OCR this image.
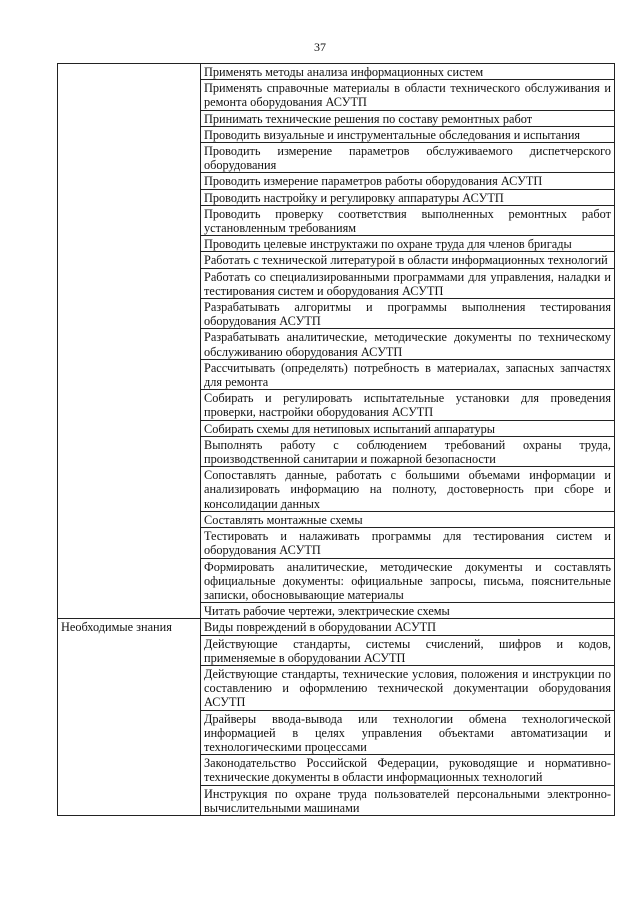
37
	Применять методы анализа информационных систем
	Применять справочные материалы в области технического обслуживания и ремонта оборудования АСУТП
	Принимать технические решения по составу ремонтных работ
	Проводить визуальные и инструментальные обследования и испытания
	Проводить измерение параметров обслуживаемого диспетчерского оборудования
	Проводить измерение параметров работы оборудования АСУТП
	Проводить настройку и регулировку аппаратуры АСУТП
	Проводить проверку соответствия выполненных ремонтных работ установленным требованиям
	Проводить целевые инструктажи по охране труда для членов бригады
	Работать с технической литературой в области информационных технологий
	Работать со специализированными программами для управления, наладки и тестирования систем и оборудования АСУТП
	Разрабатывать алгоритмы и программы выполнения тестирования оборудования АСУТП
	Разрабатывать аналитические, методические документы по техническому обслуживанию оборудования АСУТП
	Рассчитывать (определять) потребность в материалах, запасных запчастях для ремонта
	Собирать и регулировать испытательные установки для проведения проверки, настройки оборудования АСУТП
	Собирать схемы для нетиповых испытаний аппаратуры
	Выполнять работу с соблюдением требований охраны труда, производственной санитарии и пожарной безопасности
	Сопоставлять данные, работать с большими объемами информации и анализировать информацию на полноту, достоверность при сборе и консолидации данных
	Составлять монтажные схемы
	Тестировать и налаживать программы для тестирования систем и оборудования АСУТП
	Формировать аналитические, методические документы и составлять официальные документы: официальные запросы, письма, пояснительные записки, обосновывающие материалы
	Читать рабочие чертежи, электрические схемы
Необходимые знания	Виды повреждений в оборудовании АСУТП
	Действующие стандарты, системы счислений, шифров и кодов, применяемые в оборудовании АСУТП
	Действующие стандарты, технические условия, положения и инструкции по составлению и оформлению технической документации оборудования АСУТП
	Драйверы ввода-вывода или технологии обмена технологической информацией в целях управления объектами автоматизации и технологическими процессами
	Законодательство Российской Федерации, руководящие и нормативно-технические документы в области информационных технологий
	Инструкция по охране труда пользователей персональными электронно-вычислительными машинами
